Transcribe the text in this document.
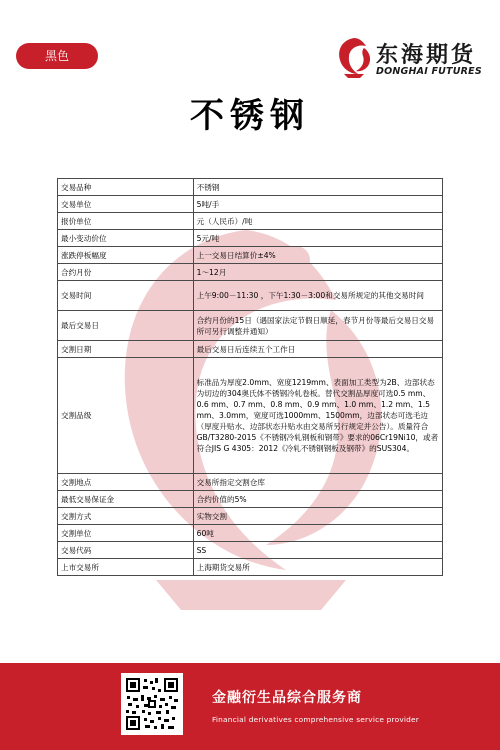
黑色	东海期货
DONGHAI FUTURES
不锈钢
交易品种	不锈钢
交易单位	5吨/手
报价单位	元（人民币）/吨
最小变动价位	5元/吨
涨跌停板幅度	上一交易日结算价±4%
合约月份	1～12月
交易时间	上午9:00－11:30 ，下午1:30－3:00和交易所规定的其他交易时间
最后交易日	合约月份的15日（遇国家法定节假日顺延，春节月份等最后交易日交易所可另行调整并通知）
交割日期	最后交易日后连续五个工作日
交割品级	标准品为厚度2.0mm、宽度1219mm、表面加工类型为2B、边部状态为切边的304奥氏体不锈钢冷轧卷板。替代交割品厚度可选0.5 mm、0.6 mm、0.7 mm、0.8 mm、0.9 mm、1.0 mm、1.2 mm、1.5 mm、3.0mm，宽度可选1000mm、1500mm，边部状态可选毛边（厚度升贴水、边部状态升贴水由交易所另行规定并公告）。质量符合GB/T3280-2015《不锈钢冷轧钢板和钢带》要求的06Cr19Ni10，或者符合JIS G 4305：2012《冷轧不锈钢钢板及钢带》的SUS304。
交割地点	交易所指定交割仓库
最低交易保证金	合约价值的5%
交割方式	实物交割
交割单位	60吨
交易代码	SS
上市交易所	上海期货交易所
金融衍生品综合服务商
Financial derivatives comprehensive service provider
